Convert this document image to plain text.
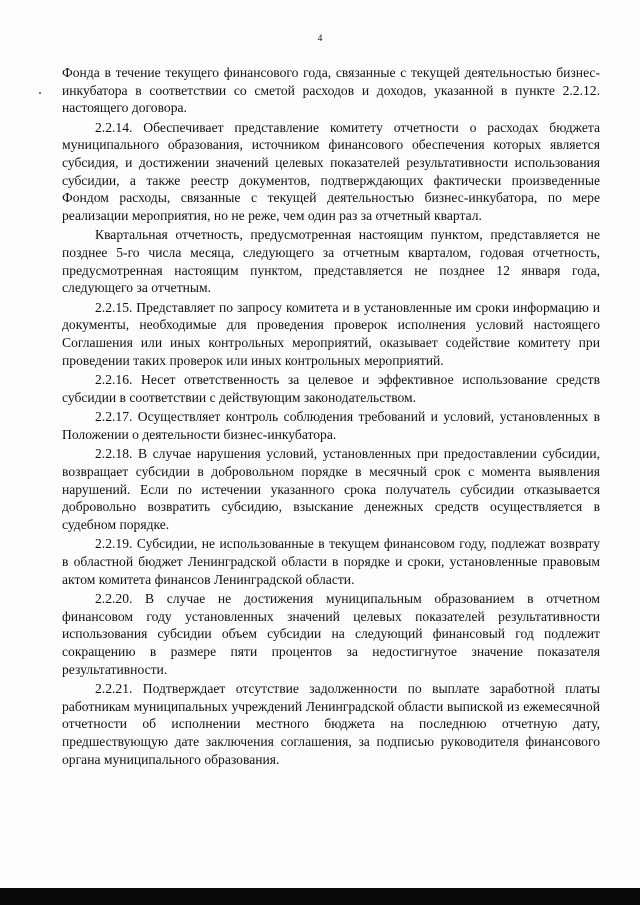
4

Фонда в течение текущего финансового года, связанные с текущей деятельностью бизнес-инкубатора в соответствии со сметой расходов и доходов, указанной в пункте 2.2.12. настоящего договора.

2.2.14. Обеспечивает представление комитету отчетности о расходах бюджета муниципального образования, источником финансового обеспечения которых является субсидия, и достижении значений целевых показателей результативности использования субсидии, а также реестр документов, подтверждающих фактически произведенные Фондом расходы, связанные с текущей деятельностью бизнес-инкубатора, по мере реализации мероприятия, но не реже, чем один раз за отчетный квартал.

Квартальная отчетность, предусмотренная настоящим пунктом, представляется не позднее 5-го числа месяца, следующего за отчетным кварталом, годовая отчетность, предусмотренная настоящим пунктом, представляется не позднее 12 января года, следующего за отчетным.

2.2.15. Представляет по запросу комитета и в установленные им сроки информацию и документы, необходимые для проведения проверок исполнения условий настоящего Соглашения или иных контрольных мероприятий, оказывает содействие комитету при проведении таких проверок или иных контрольных мероприятий.

2.2.16. Несет ответственность за целевое и эффективное использование средств субсидии в соответствии с действующим законодательством.

2.2.17. Осуществляет контроль соблюдения требований и условий, установленных в Положении о деятельности бизнес-инкубатора.

2.2.18. В случае нарушения условий, установленных при предоставлении субсидии, возвращает субсидии в добровольном порядке в месячный срок с момента выявления нарушений. Если по истечении указанного срока получатель субсидии отказывается добровольно возвратить субсидию, взыскание денежных средств осуществляется в судебном порядке.

2.2.19. Субсидии, не использованные в текущем финансовом году, подлежат возврату в областной бюджет Ленинградской области в порядке и сроки, установленные правовым актом комитета финансов Ленинградской области.

2.2.20. В случае не достижения муниципальным образованием в отчетном финансовом году установленных значений целевых показателей результативности использования субсидии объем субсидии на следующий финансовый год подлежит сокращению в размере пяти процентов за недостигнутое значение показателя результативности.

2.2.21. Подтверждает отсутствие задолженности по выплате заработной платы работникам муниципальных учреждений Ленинградской области выпиской из ежемесячной отчетности об исполнении местного бюджета на последнюю отчетную дату, предшествующую дате заключения соглашения, за подписью руководителя финансового органа муниципального образования.
